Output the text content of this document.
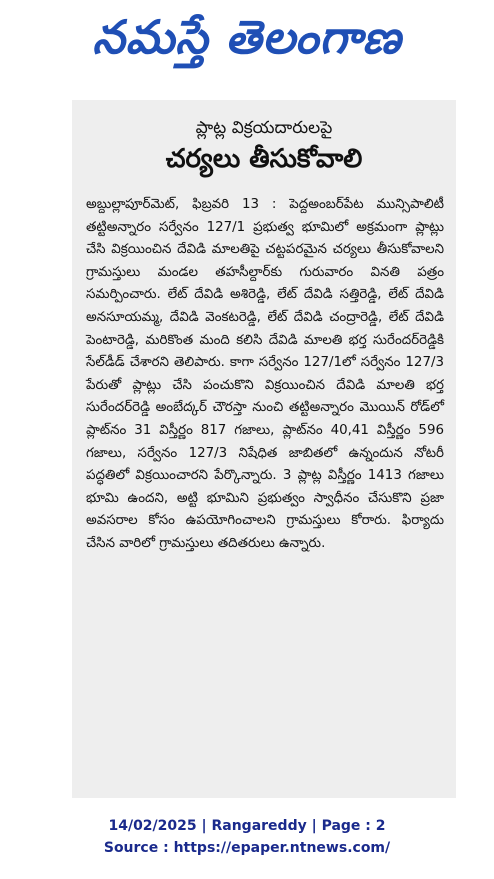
నమస్తే తెలంగాణ
ప్లాట్ల విక్రయదారులపై
చర్యలు తీసుకోవాలి
అబ్దుల్లాపూర్‌మెట్‌, ఫిబ్రవరి 13 : పెద్దఅంబర్‌పేట మున్సిపాలిటీ తట్టిఅన్నారం సర్వేనం 127/1 ప్రభుత్వ భూమిలో అక్రమంగా ప్లాట్లు చేసి విక్రయించిన దేవిడి మాలతిపై చట్టపరమైన చర్యలు తీసుకోవాలని గ్రామస్తులు మండల తహసీల్దార్‌కు గురువారం వినతి పత్రం సమర్పించారు. లేట్‌ దేవిడి అశిరెడ్డి, లేట్‌ దేవిడి సత్తిరెడ్డి, లేట్‌ దేవిడి అనసూయమ్మ, దేవిడి వెంకటరెడ్డి, లేట్‌ దేవిడి చంద్రారెడ్డి, లేట్‌ దేవిడి పెంటారెడ్డి, మరికొంత మంది కలిసి దేవిడి మాలతి భర్త సురేందర్‌రెడ్డికి సేల్‌డీడ్‌ చేశారని తెలిపారు. కాగా సర్వేనం 127/1లో సర్వేనం 127/3 పేరుతో ప్లాట్లు చేసి పంచుకొని విక్రయించిన దేవిడి మాలతి భర్త సురేందర్‌రెడ్డి అంబేద్కర్‌ చౌరస్తా నుంచి తట్టిఅన్నారం మొయిన్‌ రోడ్‌లో ప్లాట్‌నం 31 విస్తీర్ణం 817 గజాలు, ప్లాట్‌నం 40,41 విస్తీర్ణం 596 గజాలు, సర్వేనం 127/3 నిషేధిత జాబితలో ఉన్నందున నోటరీ పద్ధతిలో విక్రయించారని పేర్కొన్నారు. 3 ప్లాట్ల విస్తీర్ణం 1413 గజాలు భూమి ఉందని, అట్టి భూమిని ప్రభుత్వం స్వాధీనం చేసుకొని ప్రజా అవసరాల కోసం ఉపయోగించాలని గ్రామస్తులు కోరారు. ఫిర్యాదు చేసిన వారిలో గ్రామస్తులు తదితరులు ఉన్నారు.
14/02/2025 | Rangareddy | Page : 2
Source : https://epaper.ntnews.com/
